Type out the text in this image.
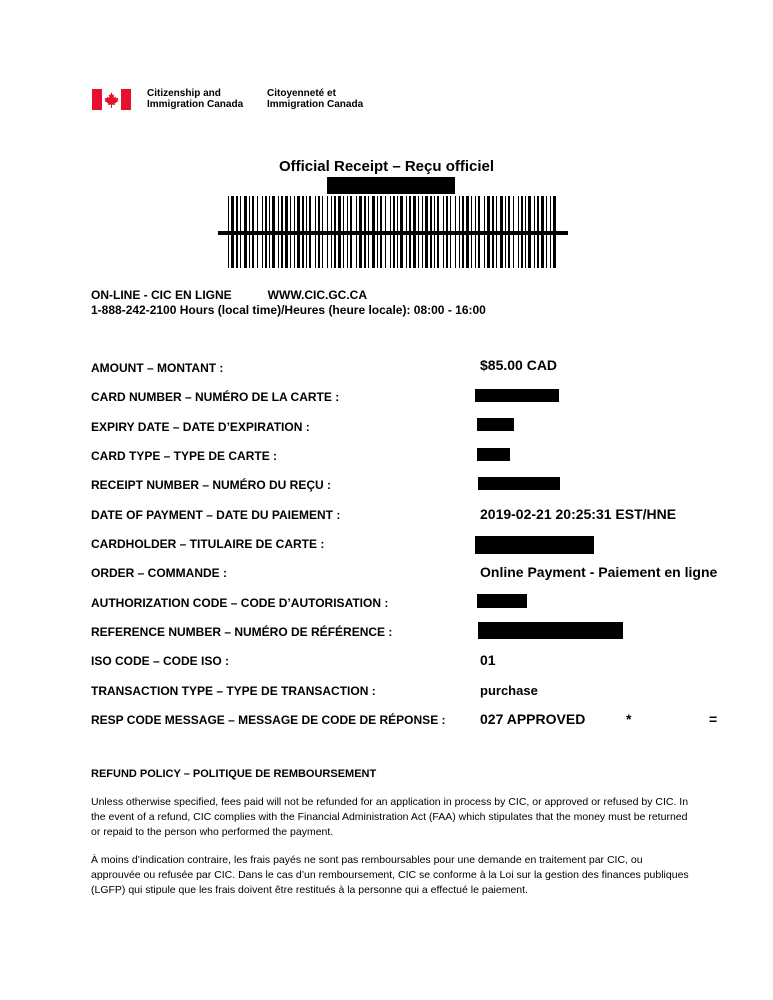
Citizenship and
Immigration Canada
Citoyenneté et
Immigration Canada
Official Receipt – Reçu officiel
ON-LINE - CIC EN LIGNE	WWW.CIC.GC.CA
1-888-242-2100 Hours (local time)/Heures (heure locale): 08:00 - 16:00
AMOUNT – MONTANT :	$85.00 CAD
CARD NUMBER – NUMÉRO DE LA CARTE :
EXPIRY DATE – DATE D’EXPIRATION :
CARD TYPE – TYPE DE CARTE :
RECEIPT NUMBER – NUMÉRO DU REÇU :
DATE OF PAYMENT – DATE DU PAIEMENT :	2019-02-21 20:25:31 EST/HNE
CARDHOLDER – TITULAIRE DE CARTE :
ORDER – COMMANDE :	Online Payment - Paiement en ligne
AUTHORIZATION CODE – CODE D’AUTORISATION :
REFERENCE NUMBER – NUMÉRO DE RÉFÉRENCE :
ISO CODE – CODE ISO :	01
TRANSACTION TYPE – TYPE DE TRANSACTION :	purchase
RESP CODE MESSAGE – MESSAGE DE CODE DE RÉPONSE : 027 APPROVED	*	=
REFUND POLICY – POLITIQUE DE REMBOURSEMENT
Unless otherwise specified, fees paid will not be refunded for an application in process by CIC, or approved or refused by CIC. In the event of a refund, CIC complies with the Financial Administration Act (FAA) which stipulates that the money must be returned or repaid to the person who performed the payment.
À moins d’indication contraire, les frais payés ne sont pas remboursables pour une demande en traitement par CIC, ou approuvée ou refusée par CIC. Dans le cas d’un remboursement, CIC se conforme à la Loi sur la gestion des finances publiques (LGFP) qui stipule que les frais doivent être restitués à la personne qui a effectué le paiement.
